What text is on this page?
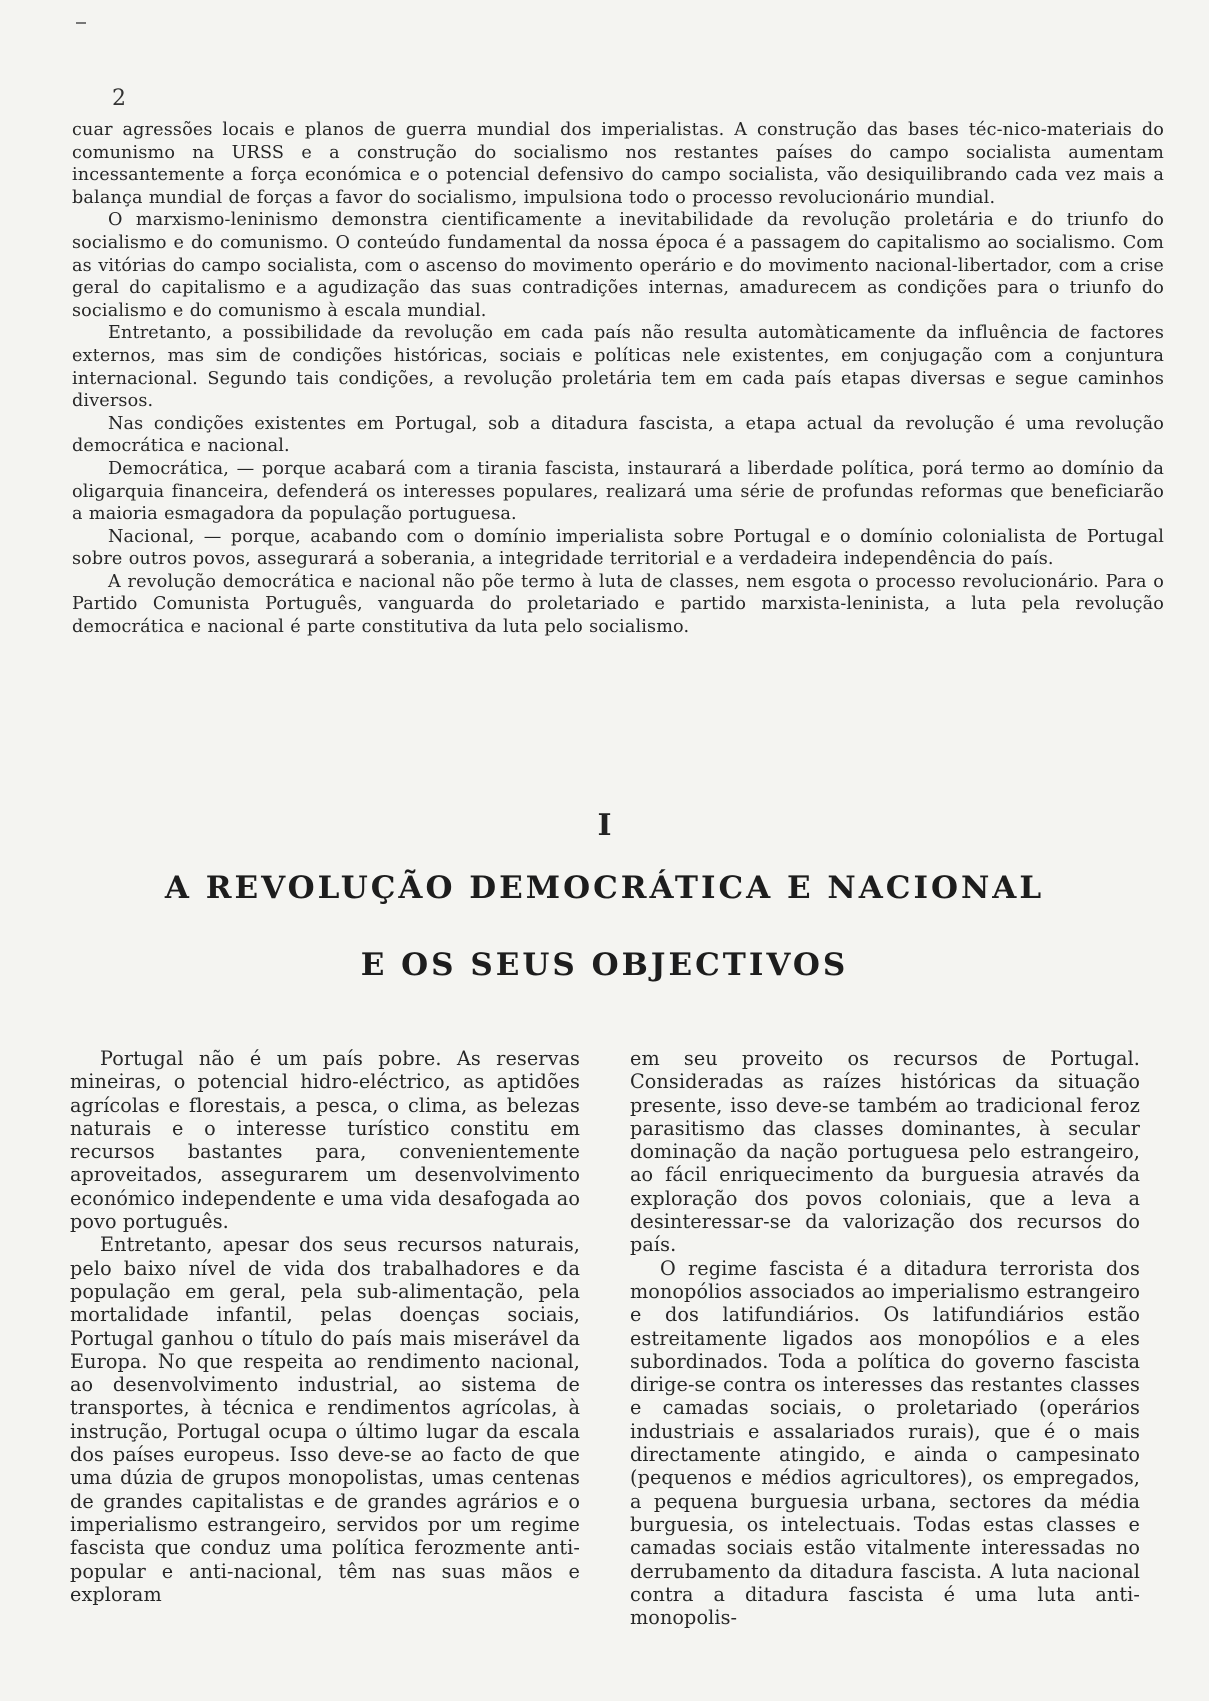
2

cuar agressões locais e planos de guerra mundial dos imperialistas. A construção das bases téc-nico-materiais do comunismo na URSS e a construção do socialismo nos restantes países do campo socialista aumentam incessantemente a força económica e o potencial defensivo do campo socialista, vão desiquilibrando cada vez mais a balança mundial de forças a favor do socialismo, impulsionа todo o processo revolucionário mundial.

O marxismo-leninismo demonstra cientificamente a inevitabilidade da revolução proletária e do triunfo do socialismo e do comunismo. O conteúdo fundamental da nossa época é a passagem do capitalismo ao socialismo. Com as vitórias do campo socialista, com o ascenso do movimento operário e do movimento nacional-libertador, com a crise geral do capitalismo e a agudização das suas contradições internas, amadurecem as condições para o triunfo do socialismo e do comunismo à escala mundial.

Entretanto, a possibilidade da revolução em cada país não resulta automàticamente da influência de factores externos, mas sim de condições históricas, sociais e políticas nele existentes, em conjugação com a conjuntura internacional. Segundo tais condições, a revolução proletária tem em cada país etapas diversas e segue caminhos diversos.

Nas condições existentes em Portugal, sob a ditadura fascista, a etapa actual da revolução é uma revolução democrática e nacional.

Democrática, — porque acabará com a tirania fascista, instaurará a liberdade política, porá termo ao domínio da oligarquia financeira, defenderá os interesses populares, realizará uma série de profundas reformas que beneficiarão a maioria esmagadora da população portuguesa.

Nacional, — porque, acabando com o domínio imperialista sobre Portugal e o domínio colonialista de Portugal sobre outros povos, assegurará a soberania, a integridade territorial e a verdadeira independência do país.

A revolução democrática e nacional não põe termo à luta de classes, nem esgota o processo revolucionário. Para o Partido Comunista Português, vanguarda do proletariado e partido marxista-leninista, a luta pela revolução democrática e nacional é parte constitutiva da luta pelo socialismo.

I
A REVOLUÇÃO DEMOCRÁTICA E NACIONAL
E OS SEUS OBJECTIVOS

Portugal não é um país pobre. As reservas mineiras, o potencial hidro-eléctrico, as aptidões agrícolas e florestais, a pesca, o clima, as belezas naturais e o interesse turístico constitu em recursos bastantes para, convenientemente aproveitados, assegurarem um desenvolvimento económico independente e uma vida desafogada ao povo português.

Entretanto, apesar dos seus recursos naturais, pelo baixo nível de vida dos trabalhadores e da população em geral, pela sub-alimentação, pela mortalidade infantil, pelas doenças sociais, Portugal ganhou o título do país mais miserável da Europa. No que respeita ao rendimento nacional, ao desenvolvimento industrial, ao sistema de transportes, à técnica e rendimentos agrícolas, à instrução, Portugal ocupa o último lugar da escala dos países europeus. Isso deve-se ao facto de que uma dúzia de grupos monopolistas, umas centenas de grandes capitalistas e de grandes agrários e o imperialismo estrangeiro, servidos por um regime fascista que conduz uma política ferozmente anti-popular e anti-nacional, têm nas suas mãos e exploram

em seu proveito os recursos de Portugal. Consideradas as raízes históricas da situação presente, isso deve-se também ao tradicional feroz parasitismo das classes dominantes, à secular dominação da nação portuguesa pelo estrangeiro, ao fácil enriquecimento da burguesia através da exploração dos povos coloniais, que a leva a desinteressar-se da valorização dos recursos do país.

O regime fascista é a ditadura terrorista dos monopólios associados ao imperialismo estrangeiro e dos latifundiários. Os latifundiários estão estreitamente ligados aos monopólios e a eles subordinados. Toda a política do governo fascista dirige-se contra os interesses das restantes classes e camadas sociais, o proletariado (operários industriais e assalariados rurais), que é o mais directamente atingido, e ainda o campesinato (pequenos e médios agricultores), os empregados, a pequena burguesia urbana, sectores da média burguesia, os intelectuais. Todas estas classes e camadas sociais estão vitalmente interessadas no derrubamento da ditadura fascista. A luta nacional contra a ditadura fascista é uma luta anti-monopolis-
